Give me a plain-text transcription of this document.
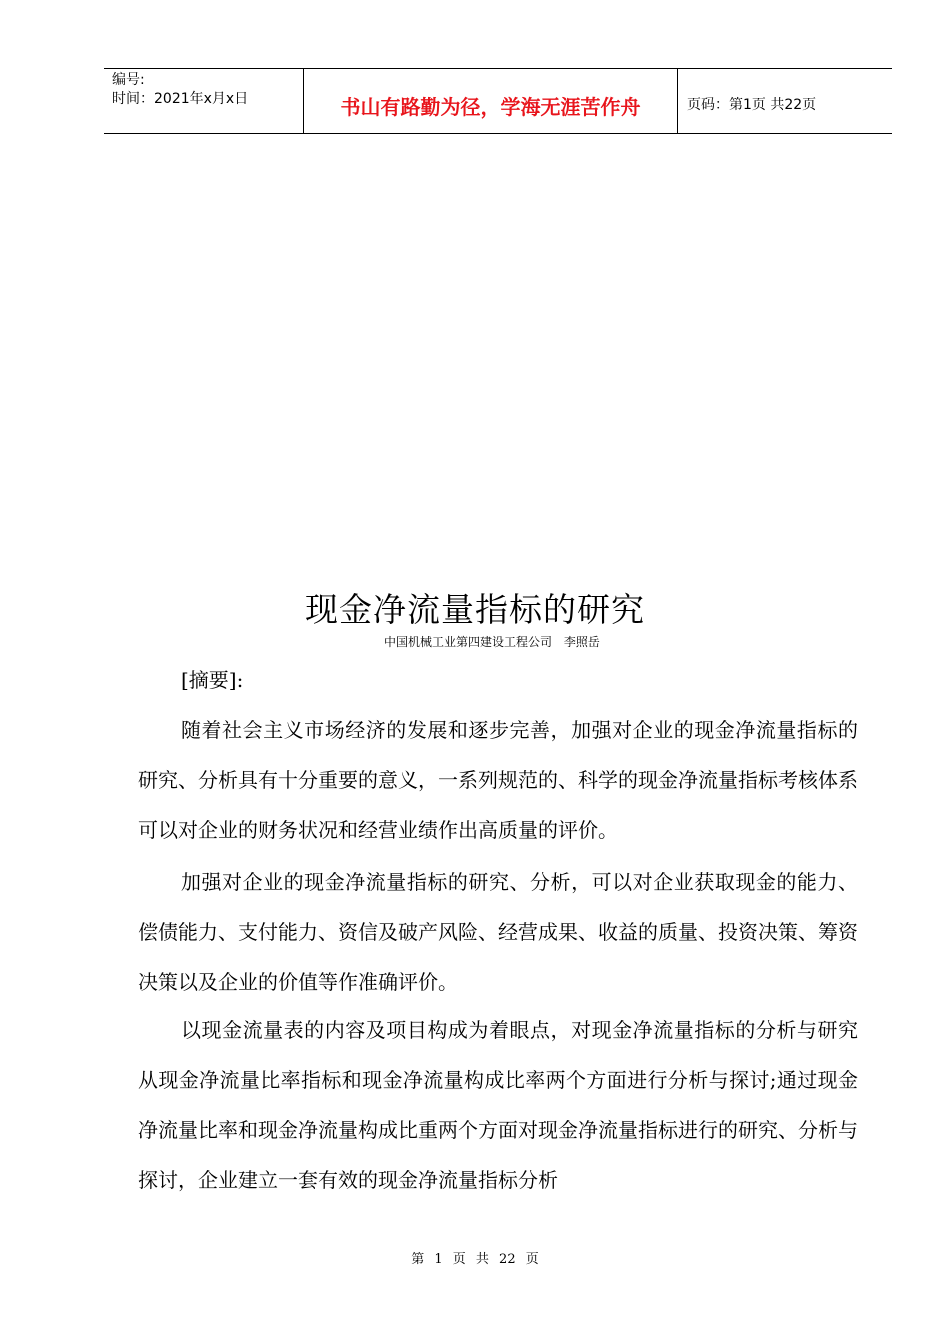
编号:
时间：2021年x月x日	书山有路勤为径，学海无涯苦作舟	页码：第1页 共22页
现金净流量指标的研究
中国机械工业第四建设工程公司 李照岳
[摘要]:

随着社会主义市场经济的发展和逐步完善，加强对企业的现金净流量指标的研究、分析具有十分重要的意义，一系列规范的、科学的现金净流量指标考核体系可以对企业的财务状况和经营业绩作出高质量的评价。

加强对企业的现金净流量指标的研究、分析，可以对企业获取现金的能力、偿债能力、支付能力、资信及破产风险、经营成果、收益的质量、投资决策、筹资决策以及企业的价值等作准确评价。

以现金流量表的内容及项目构成为着眼点，对现金净流量指标的分析与研究从现金净流量比率指标和现金净流量构成比率两个方面进行分析与探讨;通过现金净流量比率和现金净流量构成比重两个方面对现金净流量指标进行的研究、分析与探讨，企业建立一套有效的现金净流量指标分析

第 1 页 共 22 页
